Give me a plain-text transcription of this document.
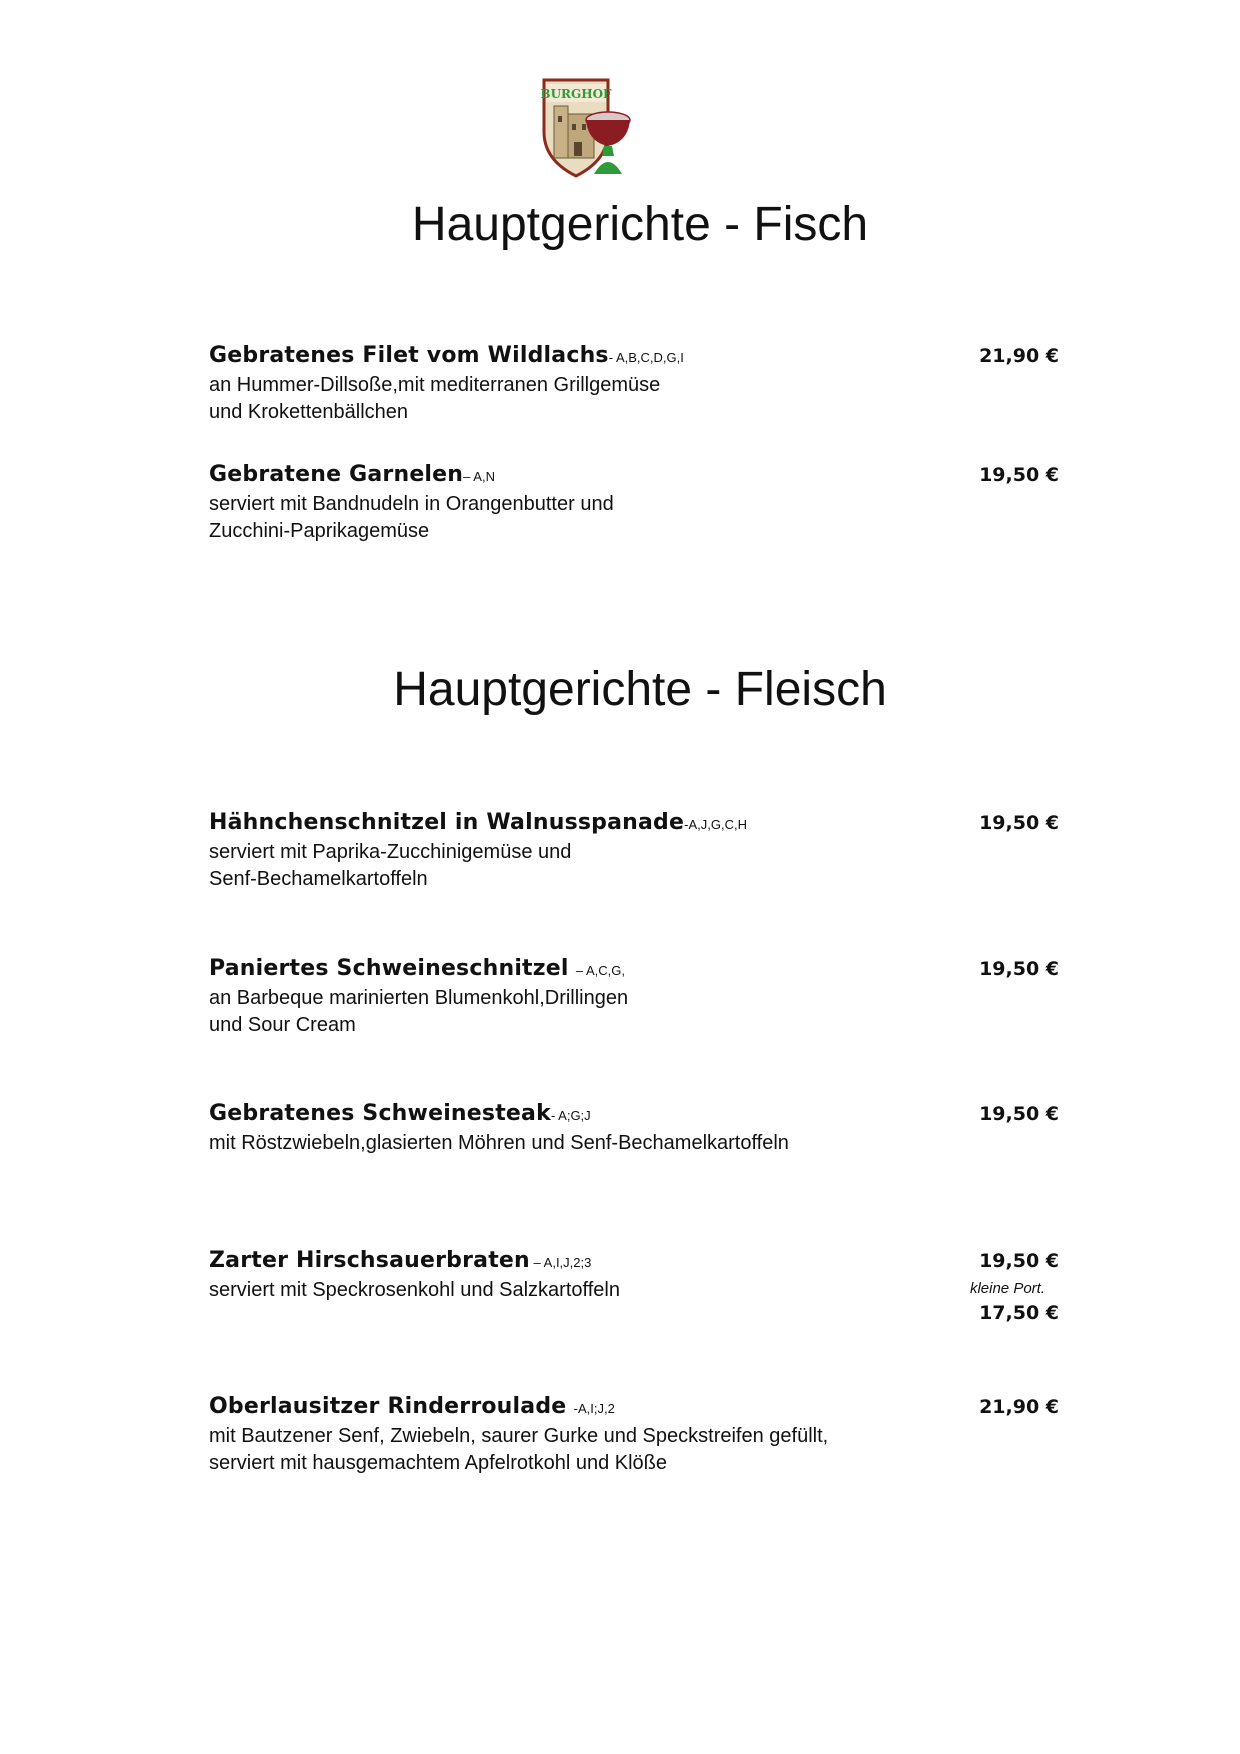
BURGHOF
Hauptgerichte - Fisch
Gebratenes Filet vom Wildlachs- A,B,C,D,G,I
an Hummer-Dillsoße,mit mediterranen Grillgemüse
und Krokettenbällchen
21,90 €
Gebratene Garnelen– A,N
serviert mit Bandnudeln in Orangenbutter und
Zucchini-Paprikagemüse
19,50 €
Hauptgerichte - Fleisch
Hähnchenschnitzel in Walnusspanade-A,J,G,C,H
serviert mit Paprika-Zucchinigemüse und
Senf-Bechamelkartoffeln
19,50 €
Paniertes Schweineschnitzel  – A,C,G,
an Barbeque marinierten Blumenkohl,Drillingen
und Sour Cream
19,50 €
Gebratenes Schweinesteak- A;G;J
mit Röstzwiebeln,glasierten Möhren und Senf-Bechamelkartoffeln
19,50 €
Zarter Hirschsauerbraten – A,I,J,2;3
serviert mit Speckrosenkohl und Salzkartoffeln
19,50 €
kleine Port.
17,50 €
Oberlausitzer Rinderroulade  -A,I;J,2
mit Bautzener Senf, Zwiebeln, saurer Gurke und Speckstreifen gefüllt,
serviert mit hausgemachtem Apfelrotkohl und Klöße
21,90 €
